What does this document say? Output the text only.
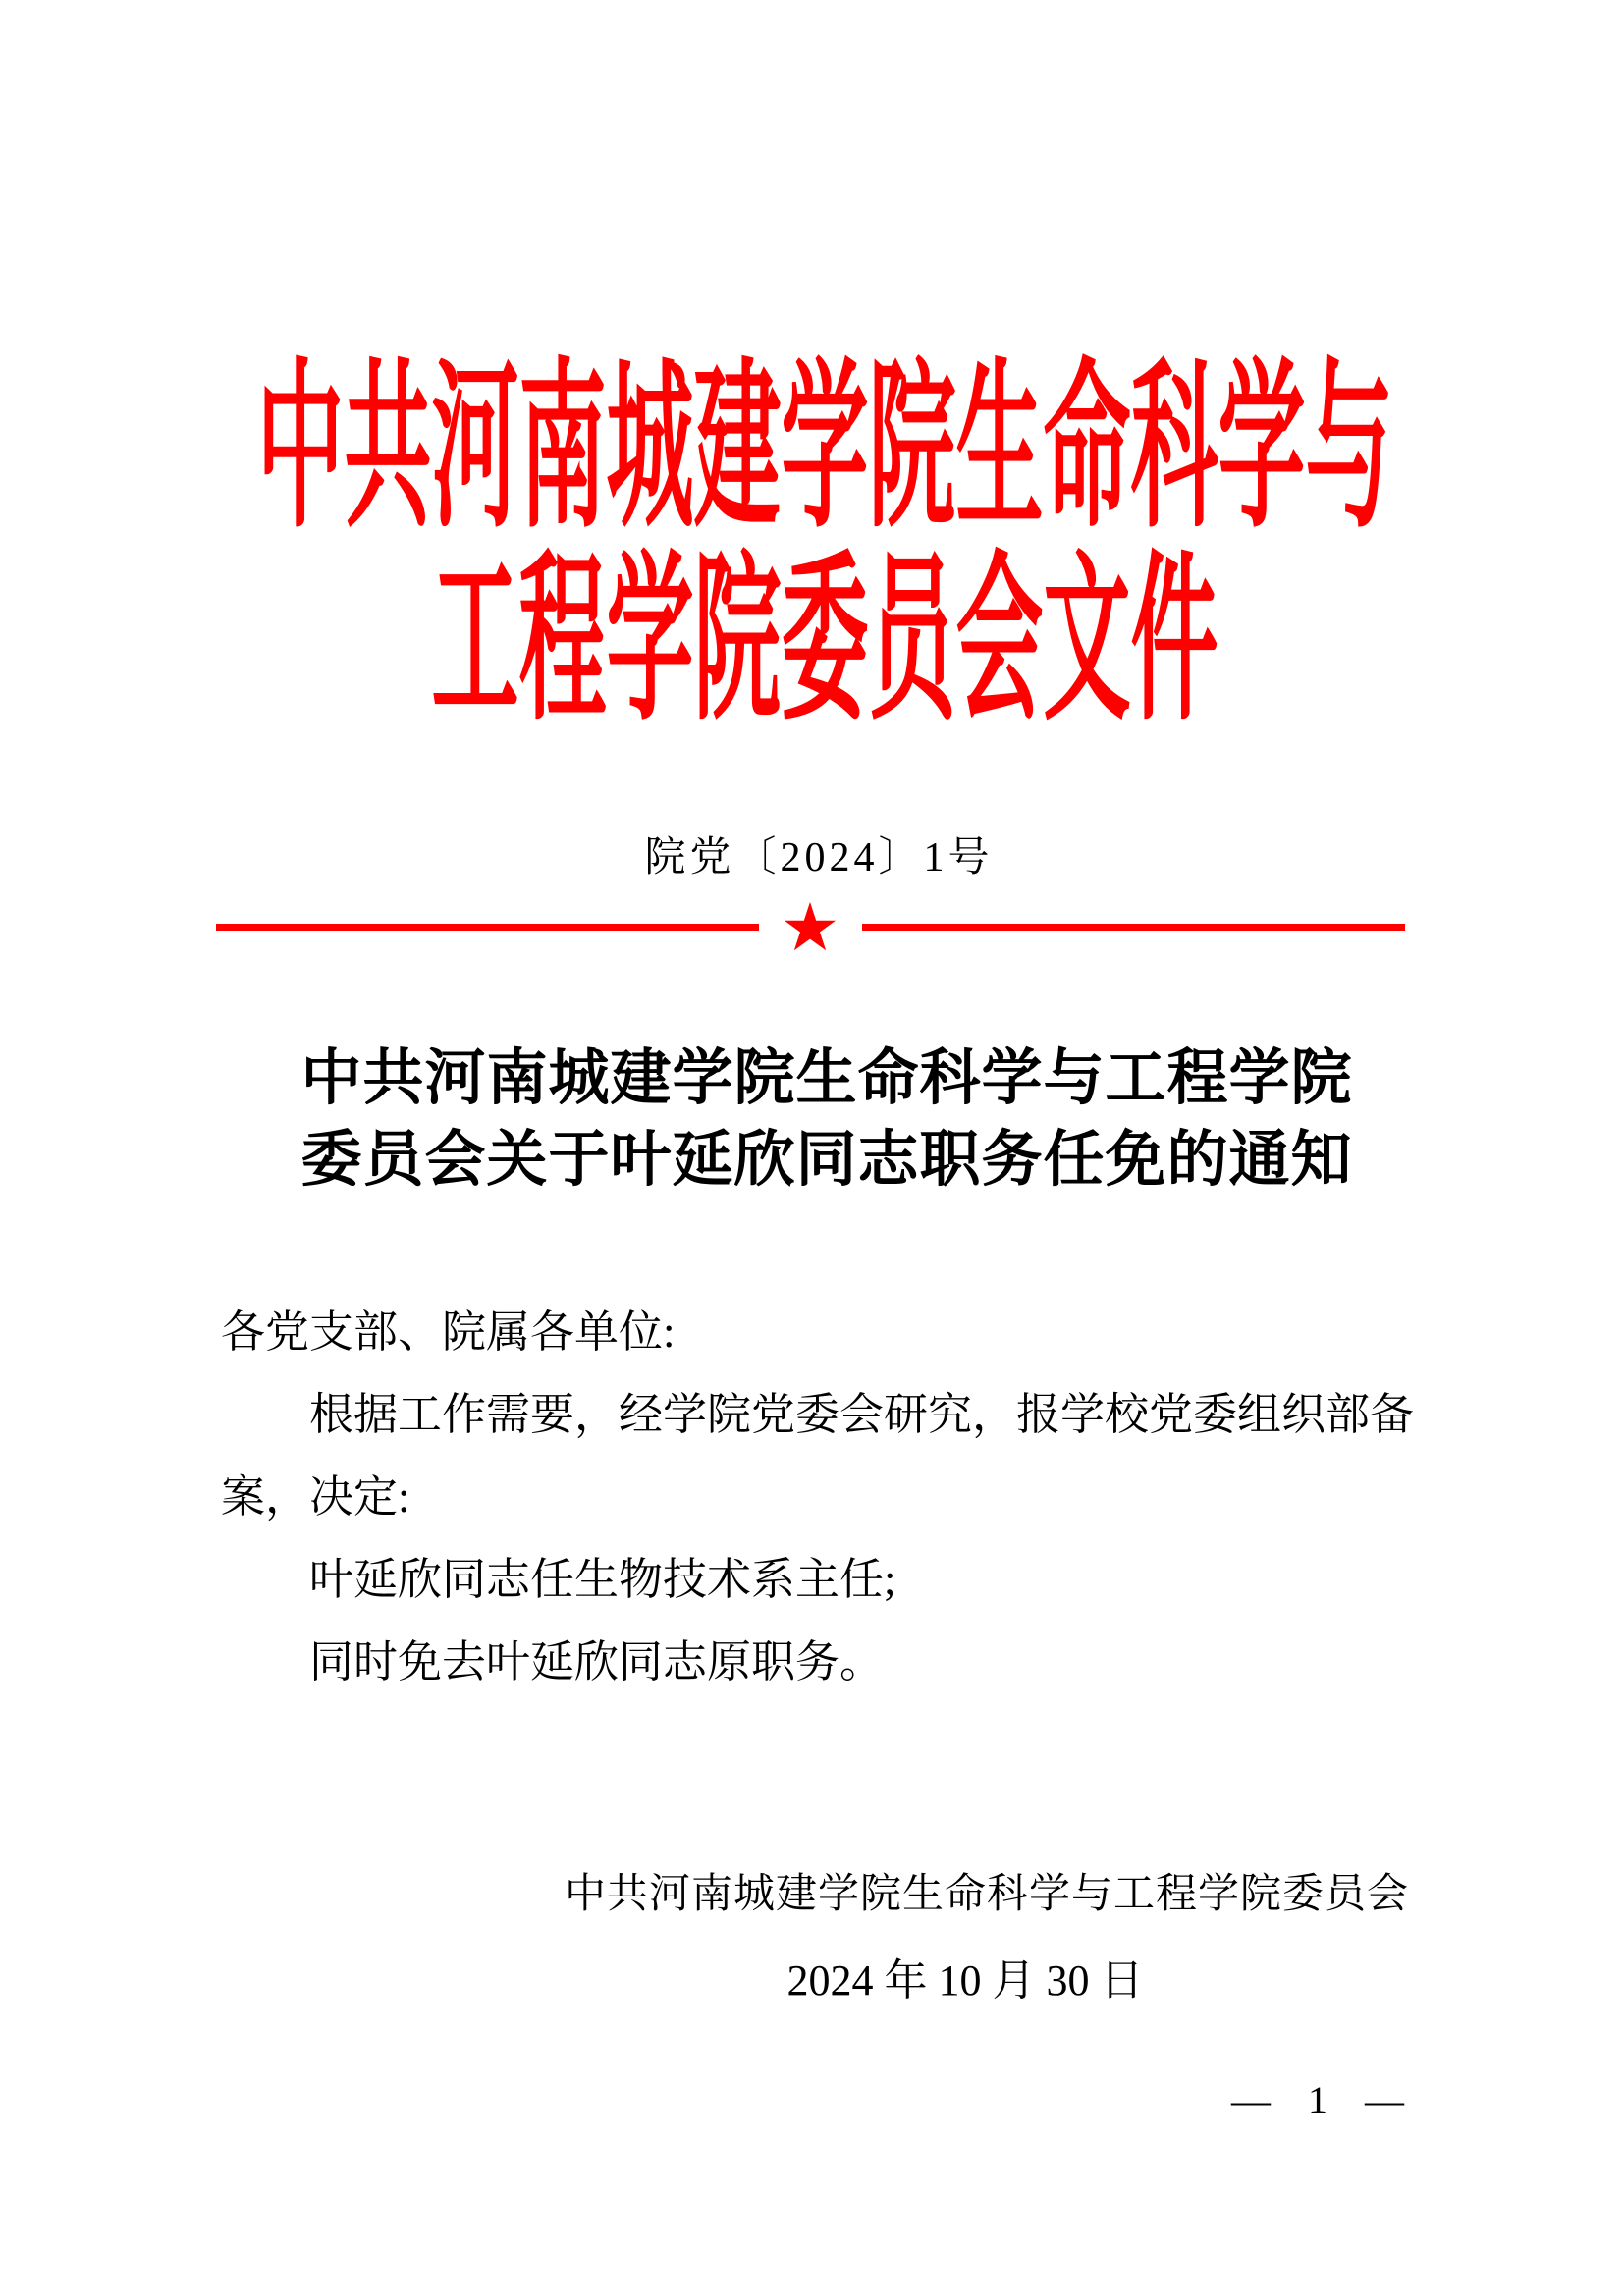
中共河南城建学院生命科学与
工程学院委员会文件
院党〔2024〕1号
★
中共河南城建学院生命科学与工程学院
委员会关于叶延欣同志职务任免的通知
各党支部、院属各单位:
根据工作需要，经学院党委会研究，报学校党委组织部备
案，决定:
叶延欣同志任生物技术系主任;
同时免去叶延欣同志原职务。
中共河南城建学院生命科学与工程学院委员会
2024 年 10 月 30 日
— 1 —
